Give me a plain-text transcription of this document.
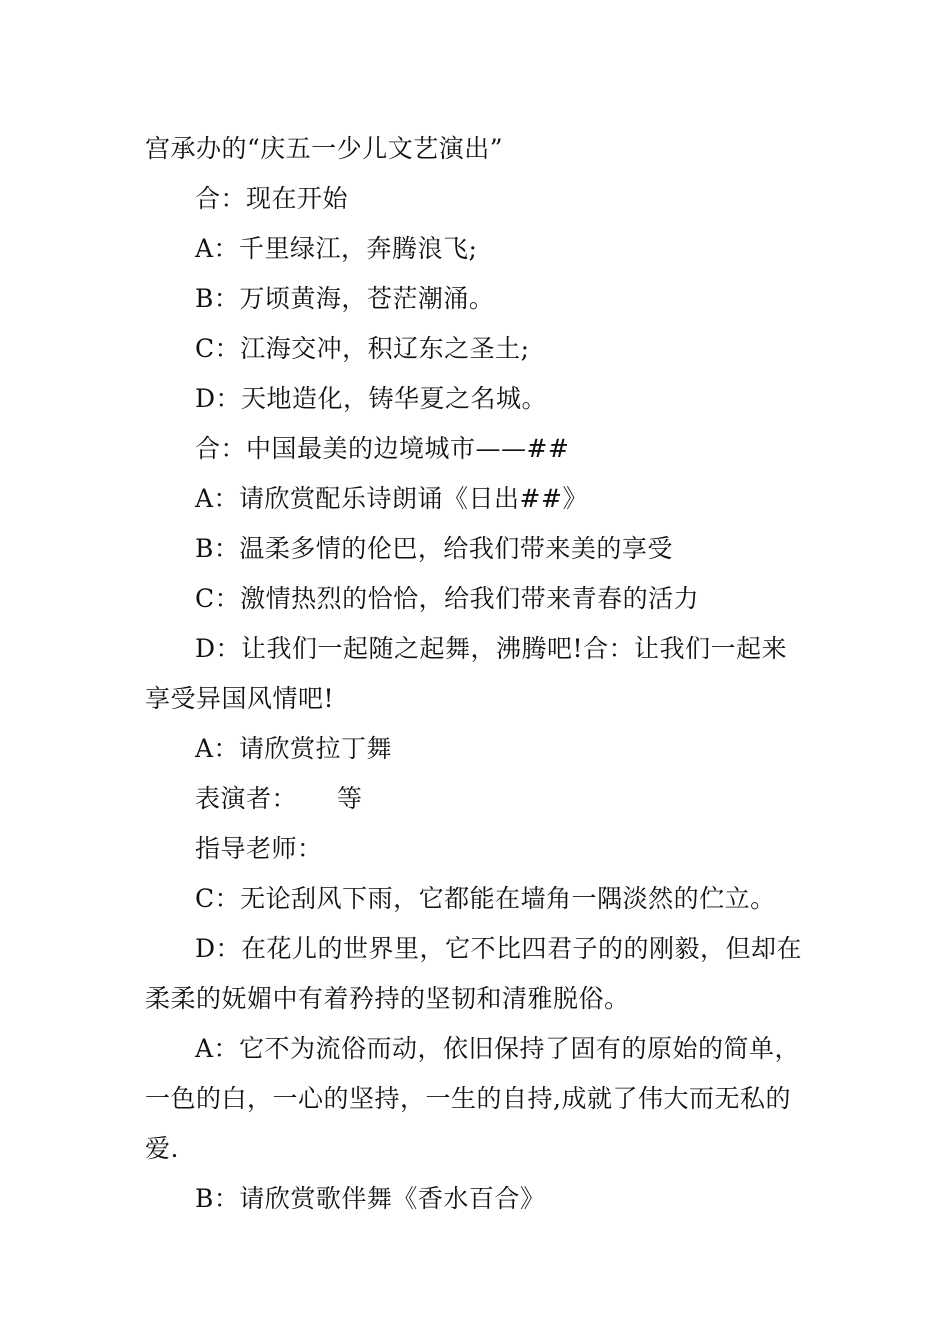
宫承办的“庆五一少儿文艺演出”

合：现在开始

A：千里绿江，奔腾浪飞;

B：万顷黄海，苍茫潮涌。

C：江海交冲，积辽东之圣土;

D：天地造化，铸华夏之名城。

合：中国最美的边境城市——##

A：请欣赏配乐诗朗诵《日出##》

B：温柔多情的伦巴，给我们带来美的享受

C：激情热烈的恰恰，给我们带来青春的活力

D：让我们一起随之起舞，沸腾吧!合：让我们一起来享受异国风情吧!

A：请欣赏拉丁舞

表演者： 等

指导老师：

C：无论刮风下雨，它都能在墙角一隅淡然的伫立。

D：在花儿的世界里，它不比四君子的的刚毅，但却在柔柔的妩媚中有着矜持的坚韧和清雅脱俗。

A：它不为流俗而动，依旧保持了固有的原始的简单，一色的白，一心的坚持，一生的自持,成就了伟大而无私的爱.

B：请欣赏歌伴舞《香水百合》
